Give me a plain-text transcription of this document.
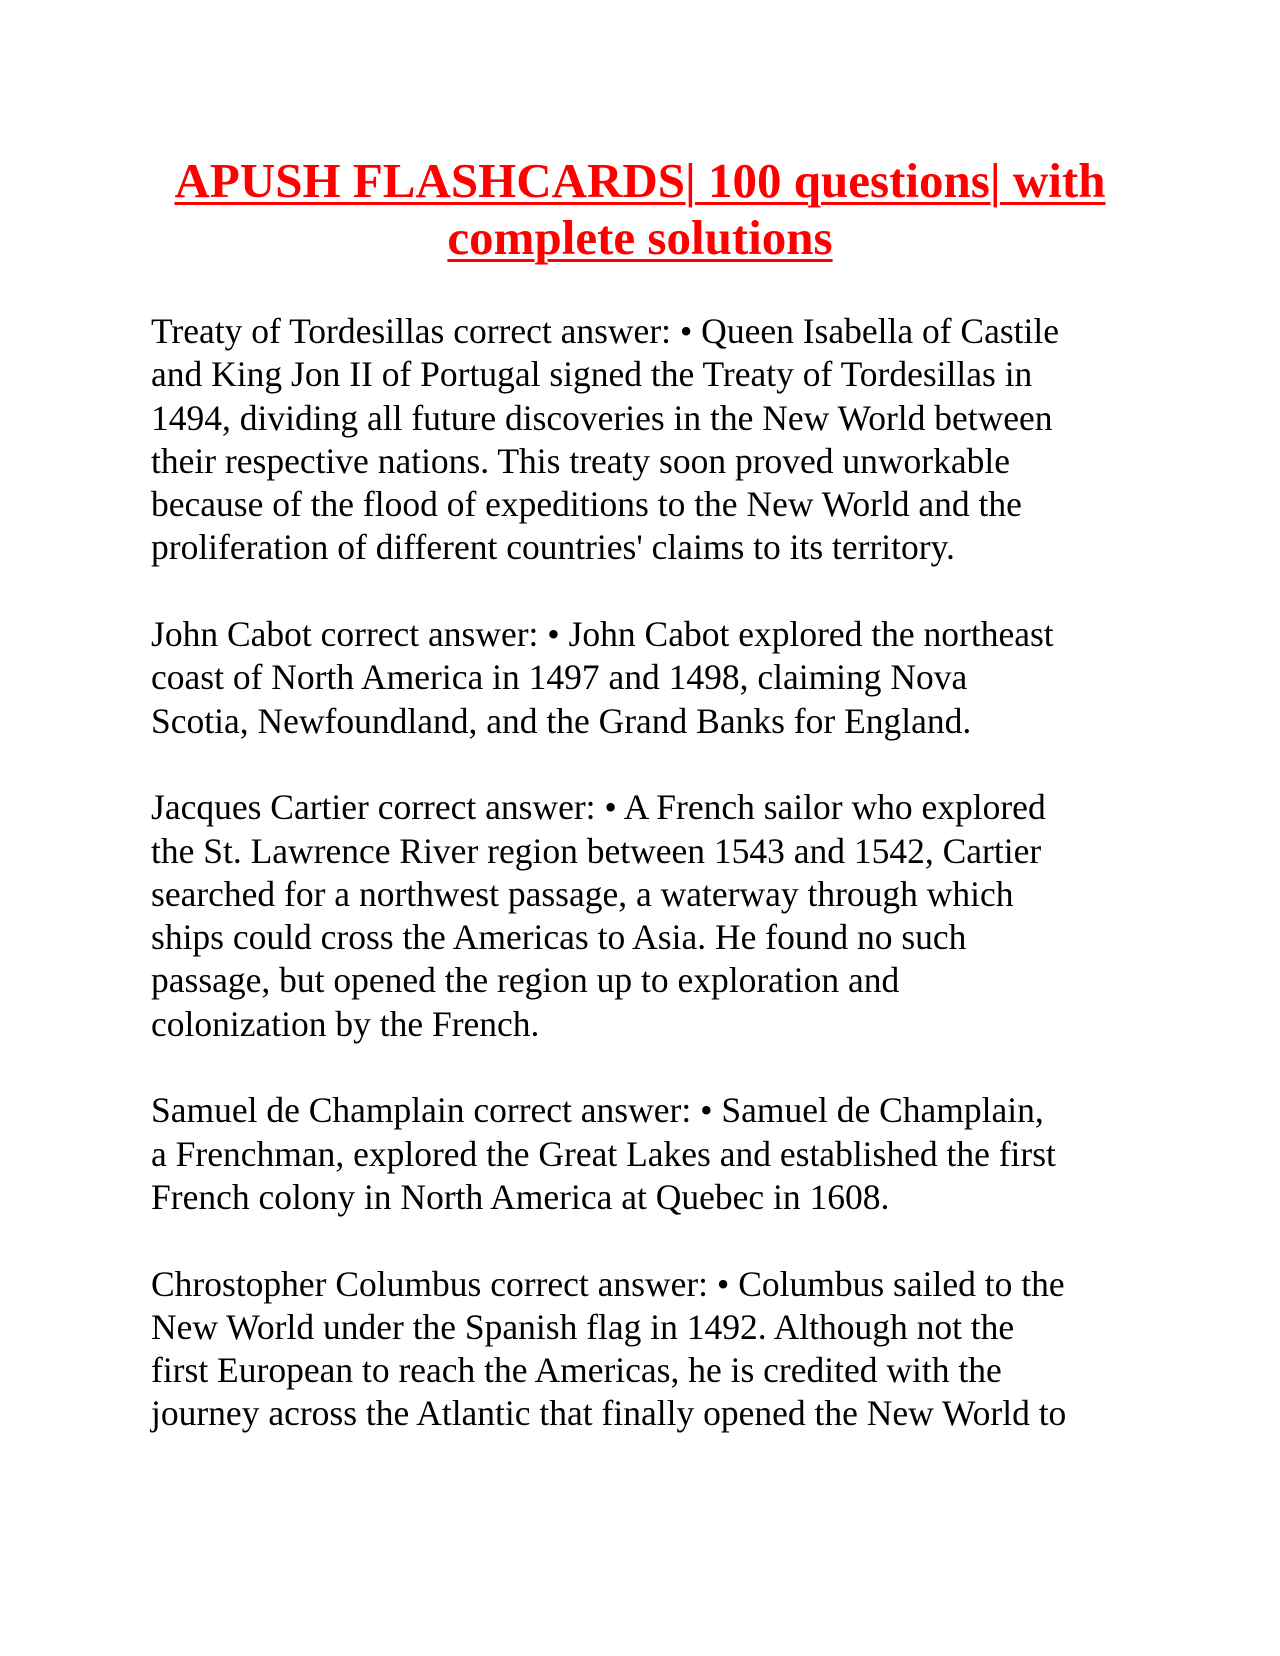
APUSH FLASHCARDS| 100 questions| with
complete solutions
Treaty of Tordesillas correct answer: • Queen Isabella of Castile
and King Jon II of Portugal signed the Treaty of Tordesillas in
1494, dividing all future discoveries in the New World between
their respective nations. This treaty soon proved unworkable
because of the flood of expeditions to the New World and the
proliferation of different countries' claims to its territory.
John Cabot correct answer: • John Cabot explored the northeast
coast of North America in 1497 and 1498, claiming Nova
Scotia, Newfoundland, and the Grand Banks for England.
Jacques Cartier correct answer: • A French sailor who explored
the St. Lawrence River region between 1543 and 1542, Cartier
searched for a northwest passage, a waterway through which
ships could cross the Americas to Asia. He found no such
passage, but opened the region up to exploration and
colonization by the French.
Samuel de Champlain correct answer: • Samuel de Champlain,
a Frenchman, explored the Great Lakes and established the first
French colony in North America at Quebec in 1608.
Chrostopher Columbus correct answer: • Columbus sailed to the
New World under the Spanish flag in 1492. Although not the
first European to reach the Americas, he is credited with the
journey across the Atlantic that finally opened the New World to
